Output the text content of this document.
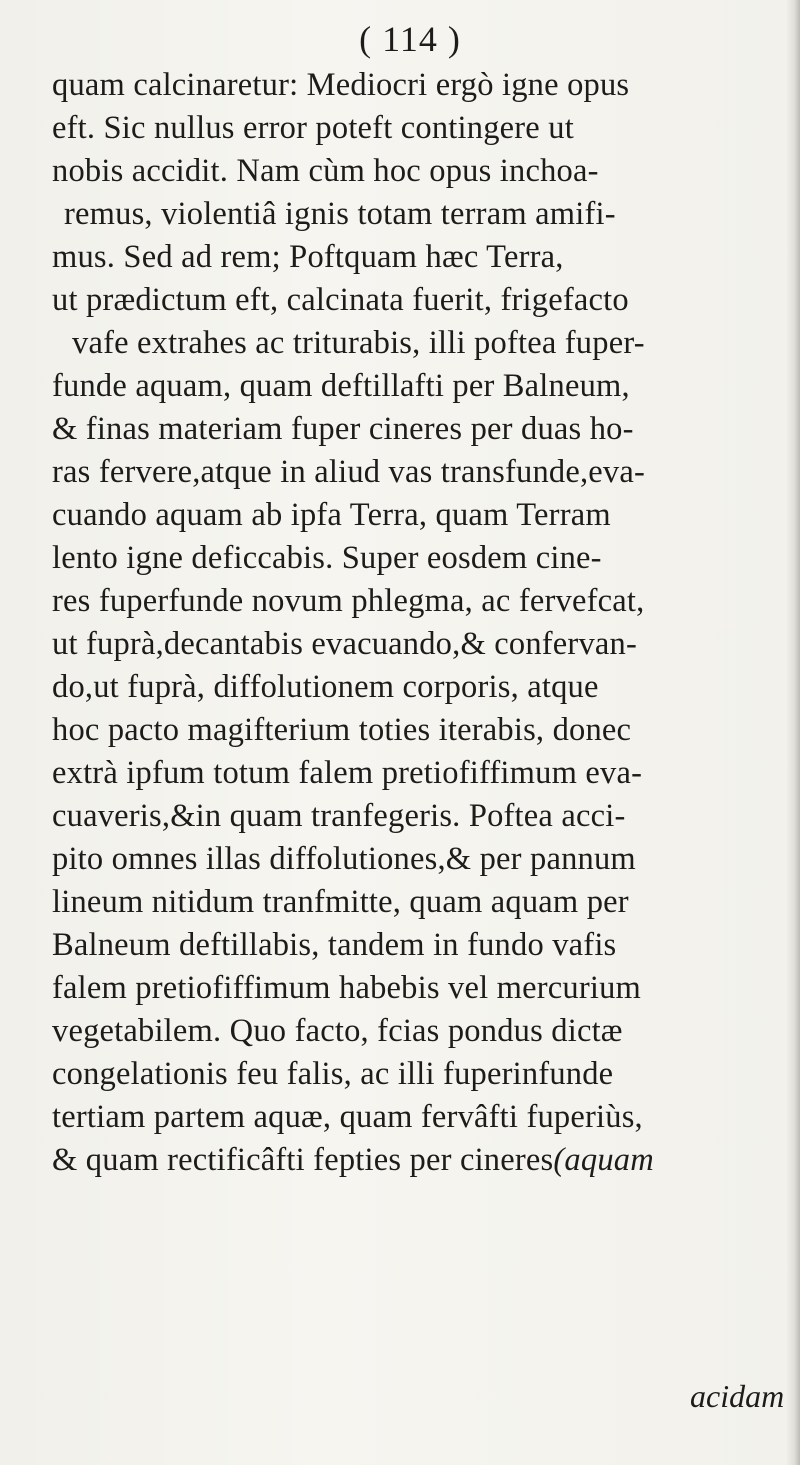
( 114 )
quam calcinaretur: Mediocri ergò igne opus
eft. Sic nullus error poteft contingere ut
nobis accidit. Nam cùm hoc opus inchoa-
remus, violentiâ ignis totam terram amifi-
mus. Sed ad rem; Poftquam hæc Terra,
ut prædictum eft, calcinata fuerit, frigefacto
vafe extrahes ac triturabis, illi poftea fuper-
funde aquam, quam deftillafti per Balneum,
& finas materiam fuper cineres per duas ho-
ras fervere,atque in aliud vas transfunde,eva-
cuando aquam ab ipfa Terra, quam Terram
lento igne deficcabis. Super eosdem cine-
res fuperfunde novum phlegma, ac fervefcat,
ut fuprà,decantabis evacuando,& confervan-
do,ut fuprà, diffolutionem corporis, atque
hoc pacto magifterium toties iterabis, donec
extrà ipfum totum falem pretiofiffimum eva-
cuaveris,&in quam tranfegeris. Poftea acci-
pito omnes illas diffolutiones,& per pannum
lineum nitidum tranfmitte, quam aquam per
Balneum deftillabis, tandem in fundo vafis
falem pretiofiffimum habebis vel mercurium
vegetabilem. Quo facto, fcias pondus dictæ
congelationis feu falis, ac illi fuperinfunde
tertiam partem aquæ, quam fervâfti fuperiùs,
& quam rectificâfti fepties per cineres(aquam
acidam
